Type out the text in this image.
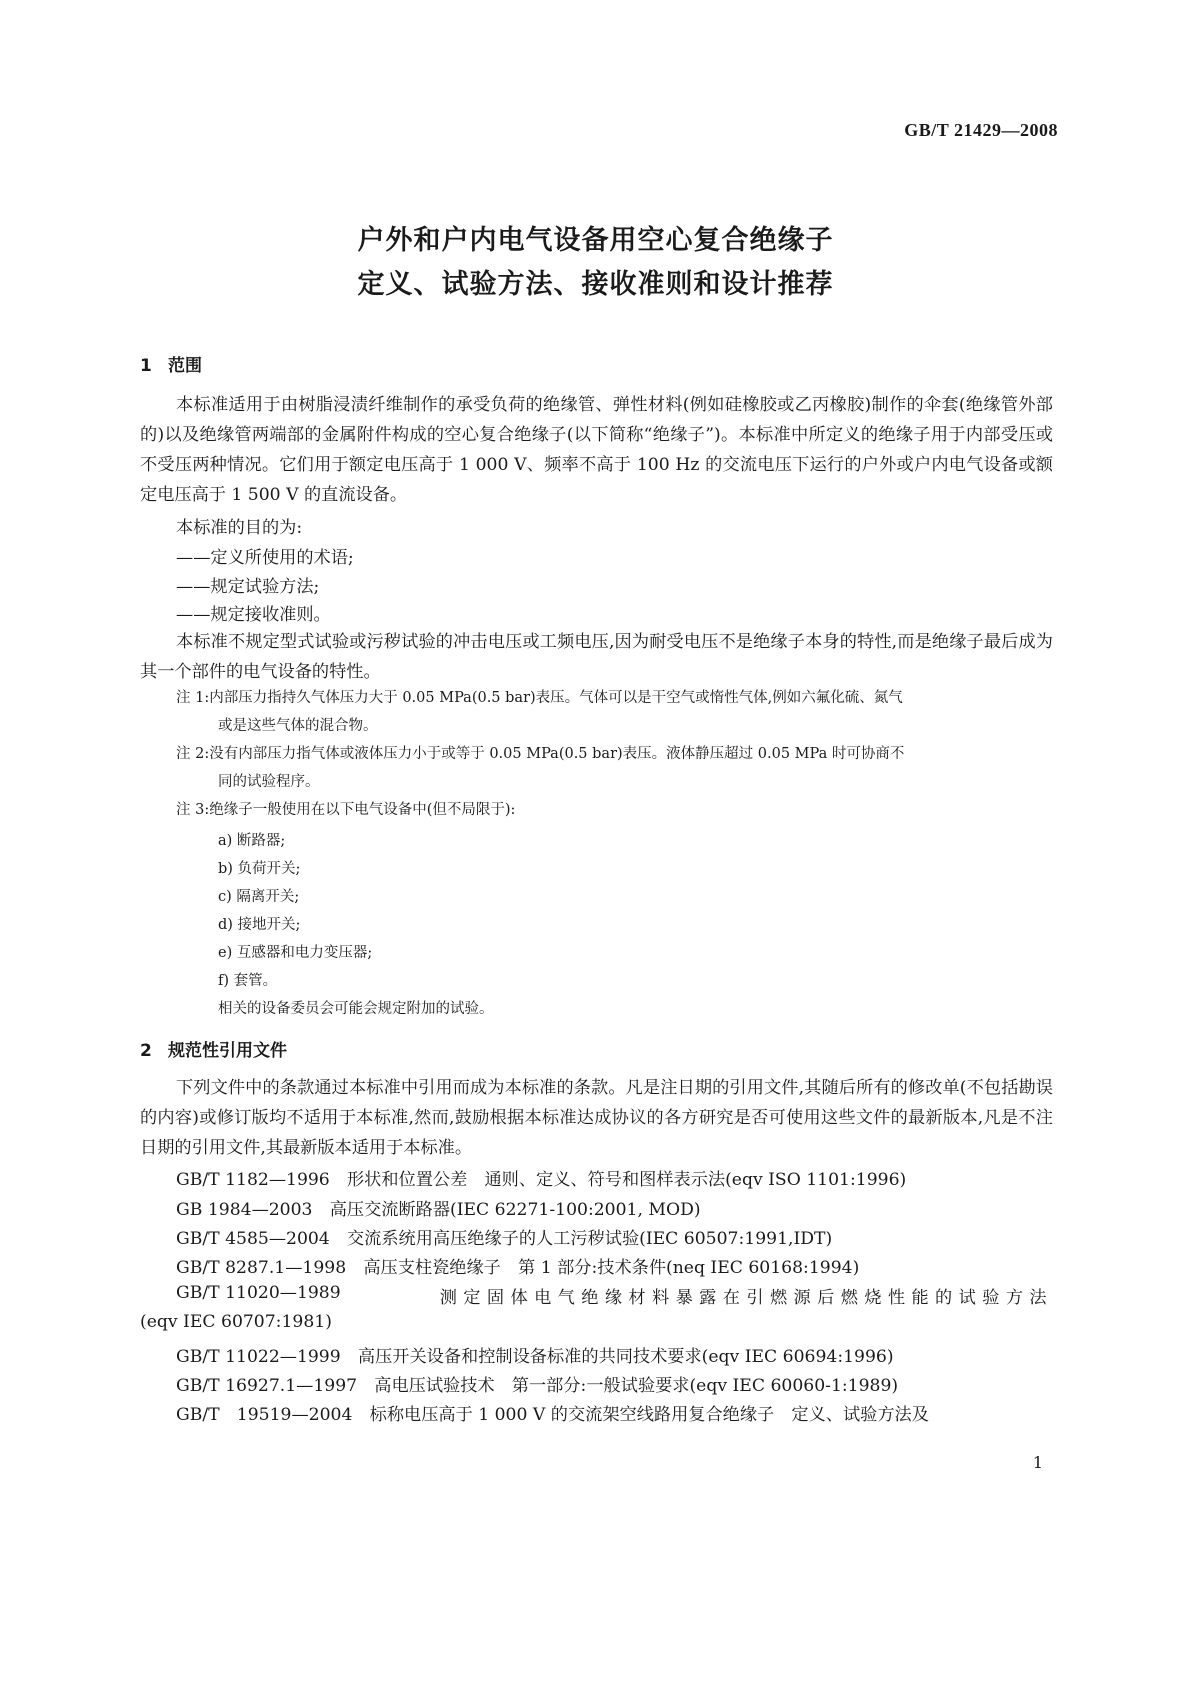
GB/T 21429—2008
户外和户内电气设备用空心复合绝缘子
定义、试验方法、接收准则和设计推荐
1 范围
本标准适用于由树脂浸渍纤维制作的承受负荷的绝缘管、弹性材料(例如硅橡胶或乙丙橡胶)制作的伞套(绝缘管外部的)以及绝缘管两端部的金属附件构成的空心复合绝缘子(以下简称“绝缘子”)。本标准中所定义的绝缘子用于内部受压或不受压两种情况。它们用于额定电压高于 1 000 V、频率不高于 100 Hz 的交流电压下运行的户外或户内电气设备或额定电压高于 1 500 V 的直流设备。
本标准的目的为:
——定义所使用的术语;
——规定试验方法;
——规定接收准则。
本标准不规定型式试验或污秽试验的冲击电压或工频电压,因为耐受电压不是绝缘子本身的特性,而是绝缘子最后成为其一个部件的电气设备的特性。
注 1:内部压力指持久气体压力大于 0.05 MPa(0.5 bar)表压。气体可以是干空气或惰性气体,例如六氟化硫、氮气
或是这些气体的混合物。
注 2:没有内部压力指气体或液体压力小于或等于 0.05 MPa(0.5 bar)表压。液体静压超过 0.05 MPa 时可协商不
同的试验程序。
注 3:绝缘子一般使用在以下电气设备中(但不局限于):
a) 断路器;
b) 负荷开关;
c) 隔离开关;
d) 接地开关;
e) 互感器和电力变压器;
f) 套管。
相关的设备委员会可能会规定附加的试验。
2 规范性引用文件
下列文件中的条款通过本标准中引用而成为本标准的条款。凡是注日期的引用文件,其随后所有的修改单(不包括勘误的内容)或修订版均不适用于本标准,然而,鼓励根据本标准达成协议的各方研究是否可使用这些文件的最新版本,凡是不注日期的引用文件,其最新版本适用于本标准。
GB/T 1182—1996　 形状和位置公差　通则、定义、符号和图样表示法(eqv ISO 1101:1996)
GB 1984—2003　 高压交流断路器(IEC 62271-100:2001, MOD)
GB/T 4585—2004　 交流系统用高压绝缘子的人工污秽试验(IEC 60507:1991,IDT)
GB/T 8287.1—1998　 高压支柱瓷绝缘子　第 1 部分:技术条件(neq IEC 60168:1994)
GB/T 11020—1989	测定固体电气绝缘材料暴露在引燃源后燃烧性能的试验方法
(eqv IEC 60707:1981)
GB/T 11022—1999　 高压开关设备和控制设备标准的共同技术要求(eqv IEC 60694:1996)
GB/T 16927.1—1997　 高电压试验技术　第一部分:一般试验要求(eqv IEC 60060-1:1989)
GB/T　19519—2004　 标称电压高于 1 000 V 的交流架空线路用复合绝缘子　定义、试验方法及
1
